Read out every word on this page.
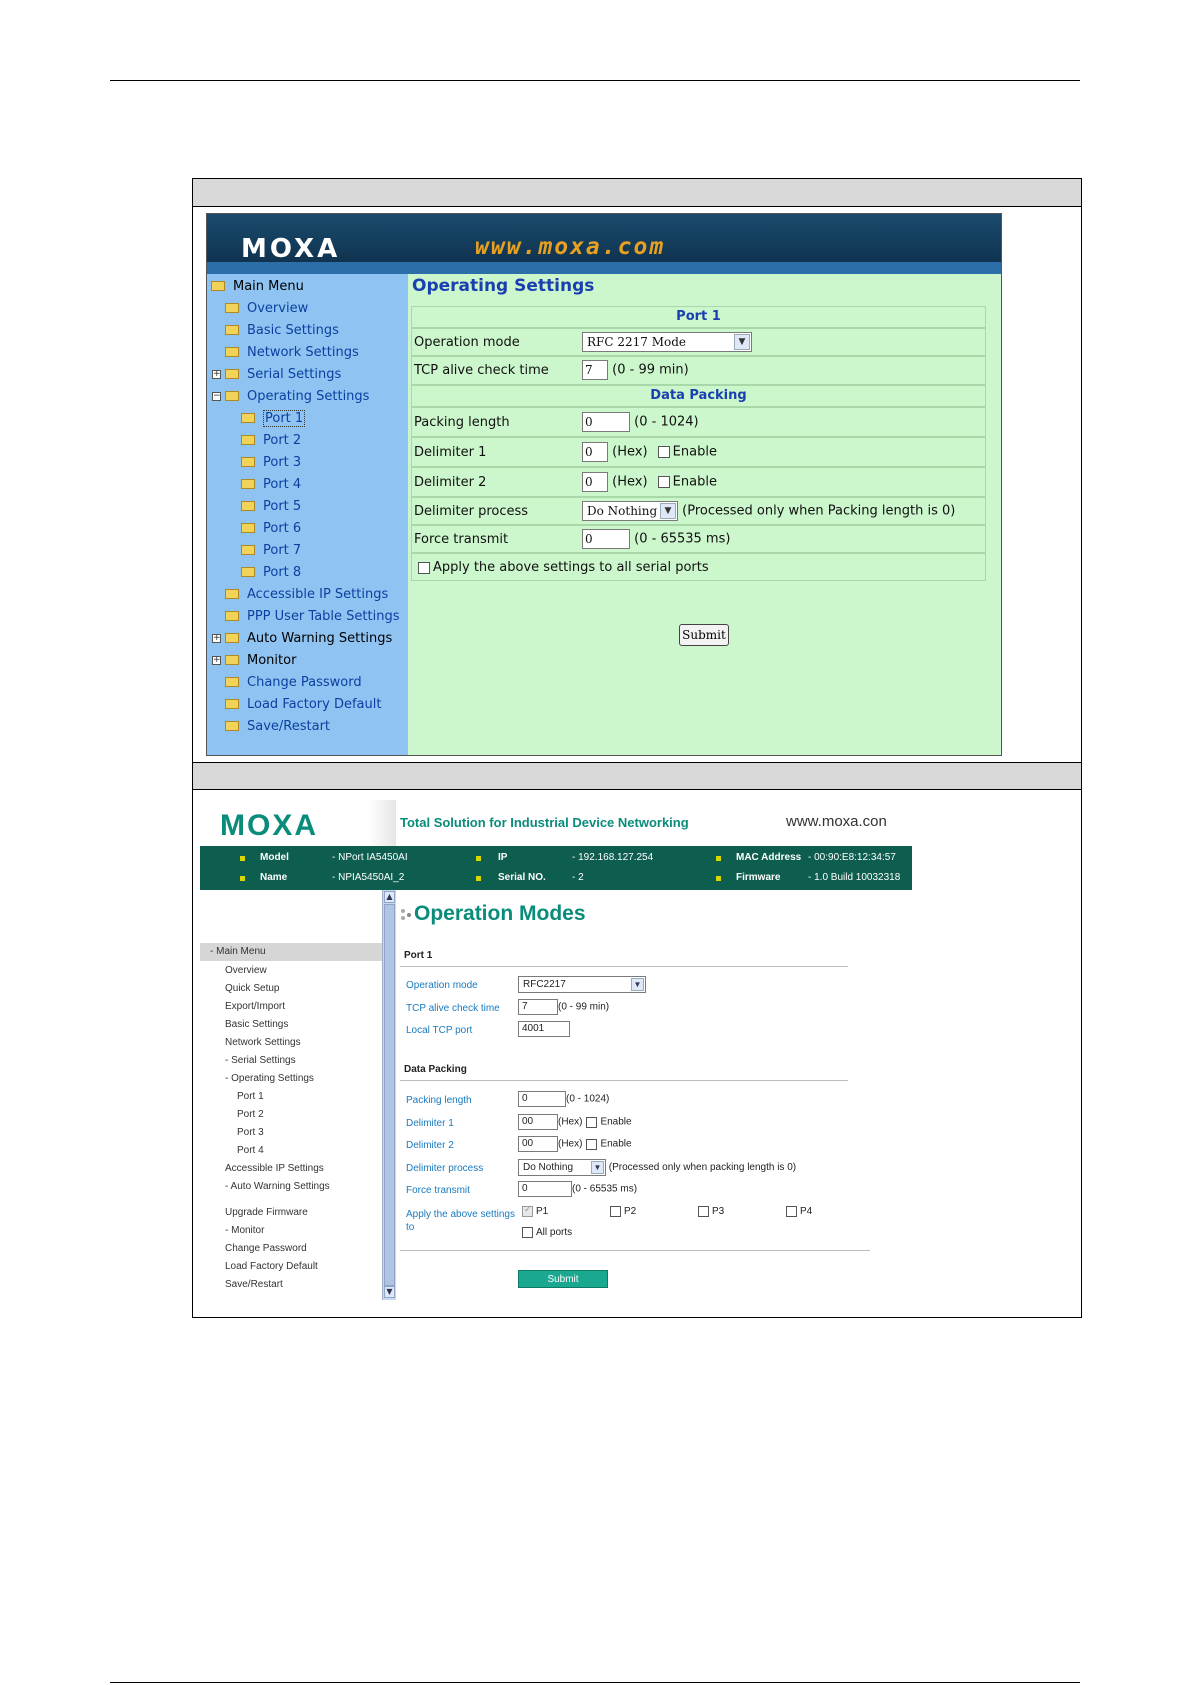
MOXA	www.moxa.com
Main Menu
Overview
Basic Settings
Network Settings
+	Serial Settings
−	Operating Settings
Port 1
Port 2
Port 3
Port 4
Port 5
Port 6
Port 7
Port 8
Accessible IP Settings
PPP User Table Settings
+	Auto Warning Settings
+	Monitor
Change Password
Load Factory Default
Save/Restart
Operating Settings
Port 1
Operation mode	RFC 2217 Mode	▼
TCP alive check time	7 (0 - 99 min)
Data Packing
Packing length	0	(0 - 1024)
Delimiter 1	0 (Hex) Enable
Delimiter 2	0 (Hex) Enable
Delimiter process	Do Nothing ▼ (Processed only when Packing length is 0)
Force transmit	0	(0 - 65535 ms)
Apply the above settings to all serial ports
Submit
MOXA	Total Solution for Industrial Device Networking	www.moxa.con
Model	- NPort IA5450AI	IP	- 192.168.127.254	MAC Address - 00:90:E8:12:34:57
Name	- NPIA5450AI_2	Serial NO.	- 2	Firmware	- 1.0 Build 10032318
- Main Menu
Overview
Quick Setup
Export/Import
Basic Settings
Network Settings
- Serial Settings
- Operating Settings
Port 1
Port 2
Port 3
Port 4
Accessible IP Settings
- Auto Warning Settings
Upgrade Firmware
- Monitor
Change Password
Load Factory Default
Save/Restart
▲
▼
Operation Modes
Port 1
Operation mode	RFC2217	▼
TCP alive check time	7	(0 - 99 min)
Local TCP port	4001
Data Packing
Packing length	0	(0 - 1024)
Delimiter 1	00 (Hex) Enable
Delimiter 2	00 (Hex) Enable
Delimiter process	Do Nothing	▼ (Processed only when packing length is 0)
Force transmit	0	(0 - 65535 ms)
Apply the above settings
to
✓P1	P2	P3	P4
All ports
Submit
